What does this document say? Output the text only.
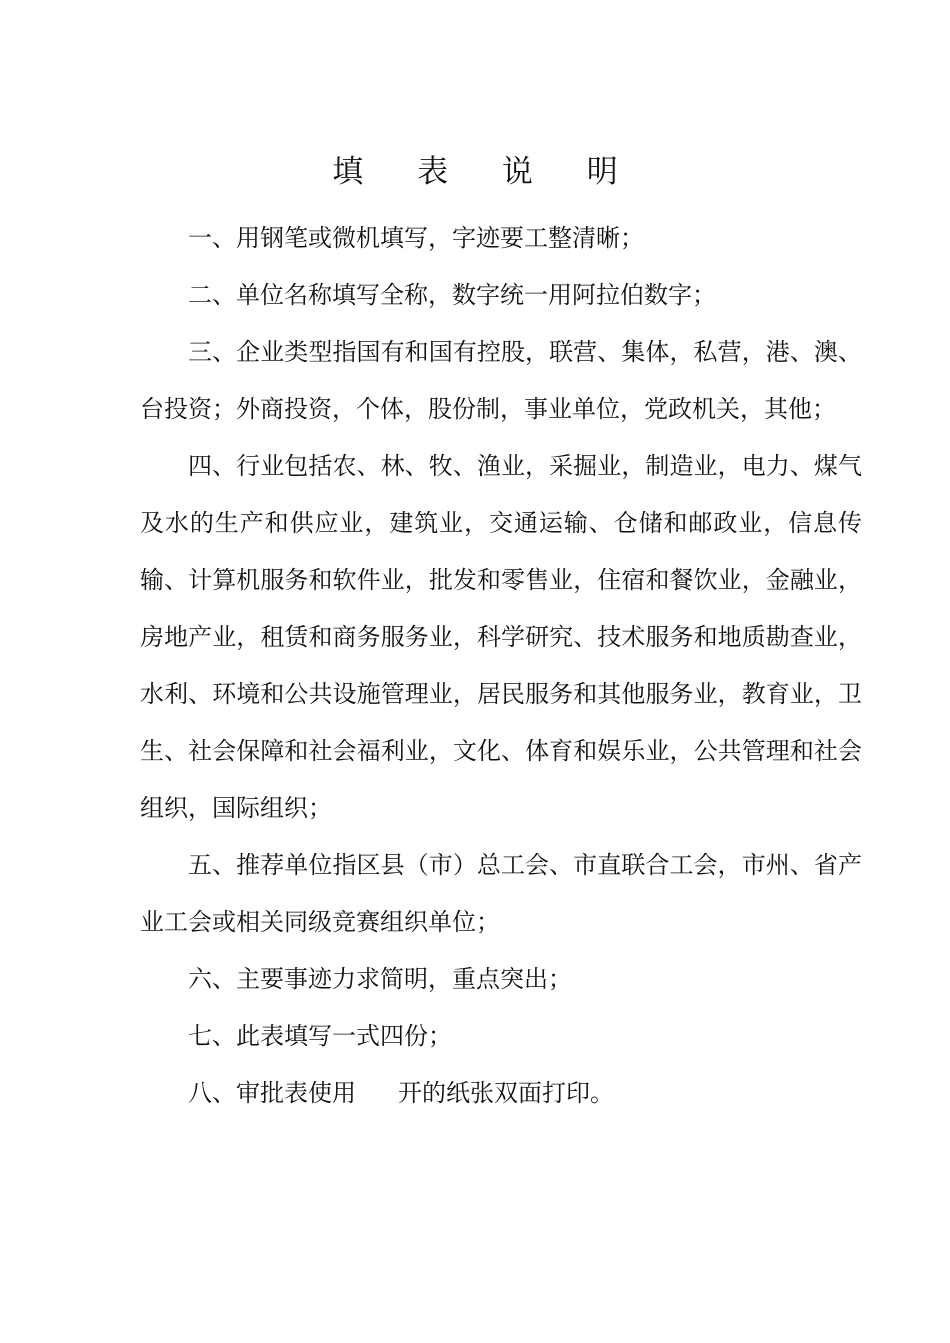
填 表 说 明

一、用钢笔或微机填写，字迹要工整清晰；

二、单位名称填写全称，数字统一用阿拉伯数字；

三、企业类型指国有和国有控股，联营、集体，私营，港、澳、台投资；外商投资，个体，股份制，事业单位，党政机关，其他；

四、行业包括农、林、牧、渔业，采掘业，制造业，电力、煤气及水的生产和供应业，建筑业，交通运输、仓储和邮政业，信息传输、计算机服务和软件业，批发和零售业，住宿和餐饮业，金融业，房地产业，租赁和商务服务业，科学研究、技术服务和地质勘查业，水利、环境和公共设施管理业，居民服务和其他服务业，教育业，卫生、社会保障和社会福利业，文化、体育和娱乐业，公共管理和社会组织，国际组织；

五、推荐单位指区县（市）总工会、市直联合工会，市州、省产业工会或相关同级竞赛组织单位；

六、主要事迹力求简明，重点突出；

七、此表填写一式四份；

八、审批表使用 开的纸张双面打印。
